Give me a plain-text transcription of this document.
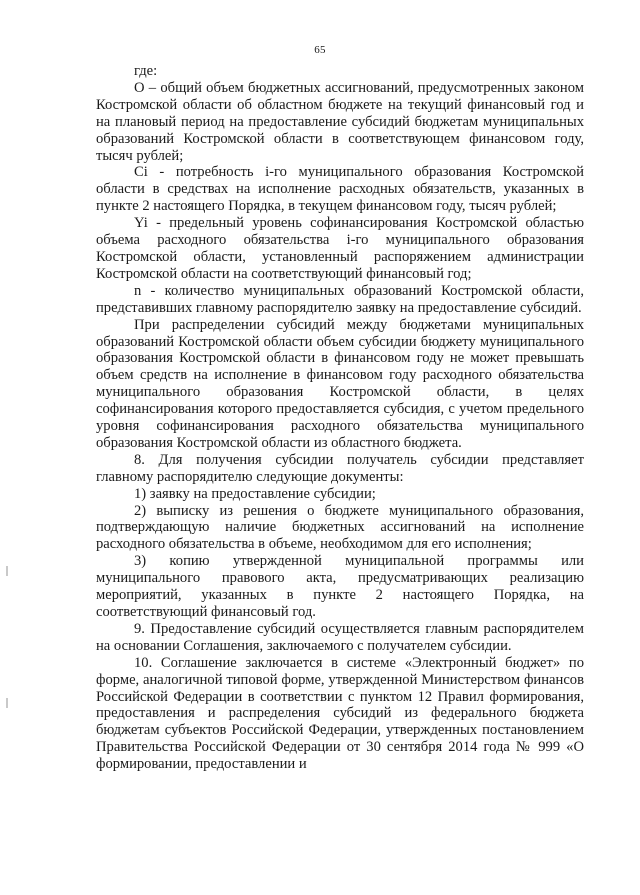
65

где:

О – общий объем бюджетных ассигнований, предусмотренных законом Костромской области об областном бюджете на текущий финансовый год и на плановый период на предоставление субсидий бюджетам муниципальных образований Костромской области в соответствующем финансовом году, тысяч рублей;

Ci - потребность i-го муниципального образования Костромской области в средствах на исполнение расходных обязательств, указанных в пункте 2 настоящего Порядка, в текущем финансовом году, тысяч рублей;

Yi - предельный уровень софинансирования Костромской областью объема расходного обязательства i-го муниципального образования Костромской области, установленный распоряжением администрации Костромской области на соответствующий финансовый год;

n - количество муниципальных образований Костромской области, представивших главному распорядителю заявку на предоставление субсидий.

При распределении субсидий между бюджетами муниципальных образований Костромской области объем субсидии бюджету муниципального образования Костромской области в финансовом году не может превышать объем средств на исполнение в финансовом году расходного обязательства муниципального образования Костромской области, в целях софинансирования которого предоставляется субсидия, с учетом предельного уровня софинансирования расходного обязательства муниципального образования Костромской области из областного бюджета.

8. Для получения субсидии получатель субсидии представляет главному распорядителю следующие документы:

1) заявку на предоставление субсидии;

2) выписку из решения о бюджете муниципального образования, подтверждающую наличие бюджетных ассигнований на исполнение расходного обязательства в объеме, необходимом для его исполнения;

3) копию утвержденной муниципальной программы или муниципального правового акта, предусматривающих реализацию мероприятий, указанных в пункте 2 настоящего Порядка, на соответствующий финансовый год.

9. Предоставление субсидий осуществляется главным распорядителем на основании Соглашения, заключаемого с получателем субсидии.

10. Соглашение заключается в системе «Электронный бюджет» по форме, аналогичной типовой форме, утвержденной Министерством финансов Российской Федерации в соответствии с пунктом 12 Правил формирования, предоставления и распределения субсидий из федерального бюджета бюджетам субъектов Российской Федерации, утвержденных постановлением Правительства Российской Федерации от 30 сентября 2014 года № 999 «О формировании, предоставлении и
